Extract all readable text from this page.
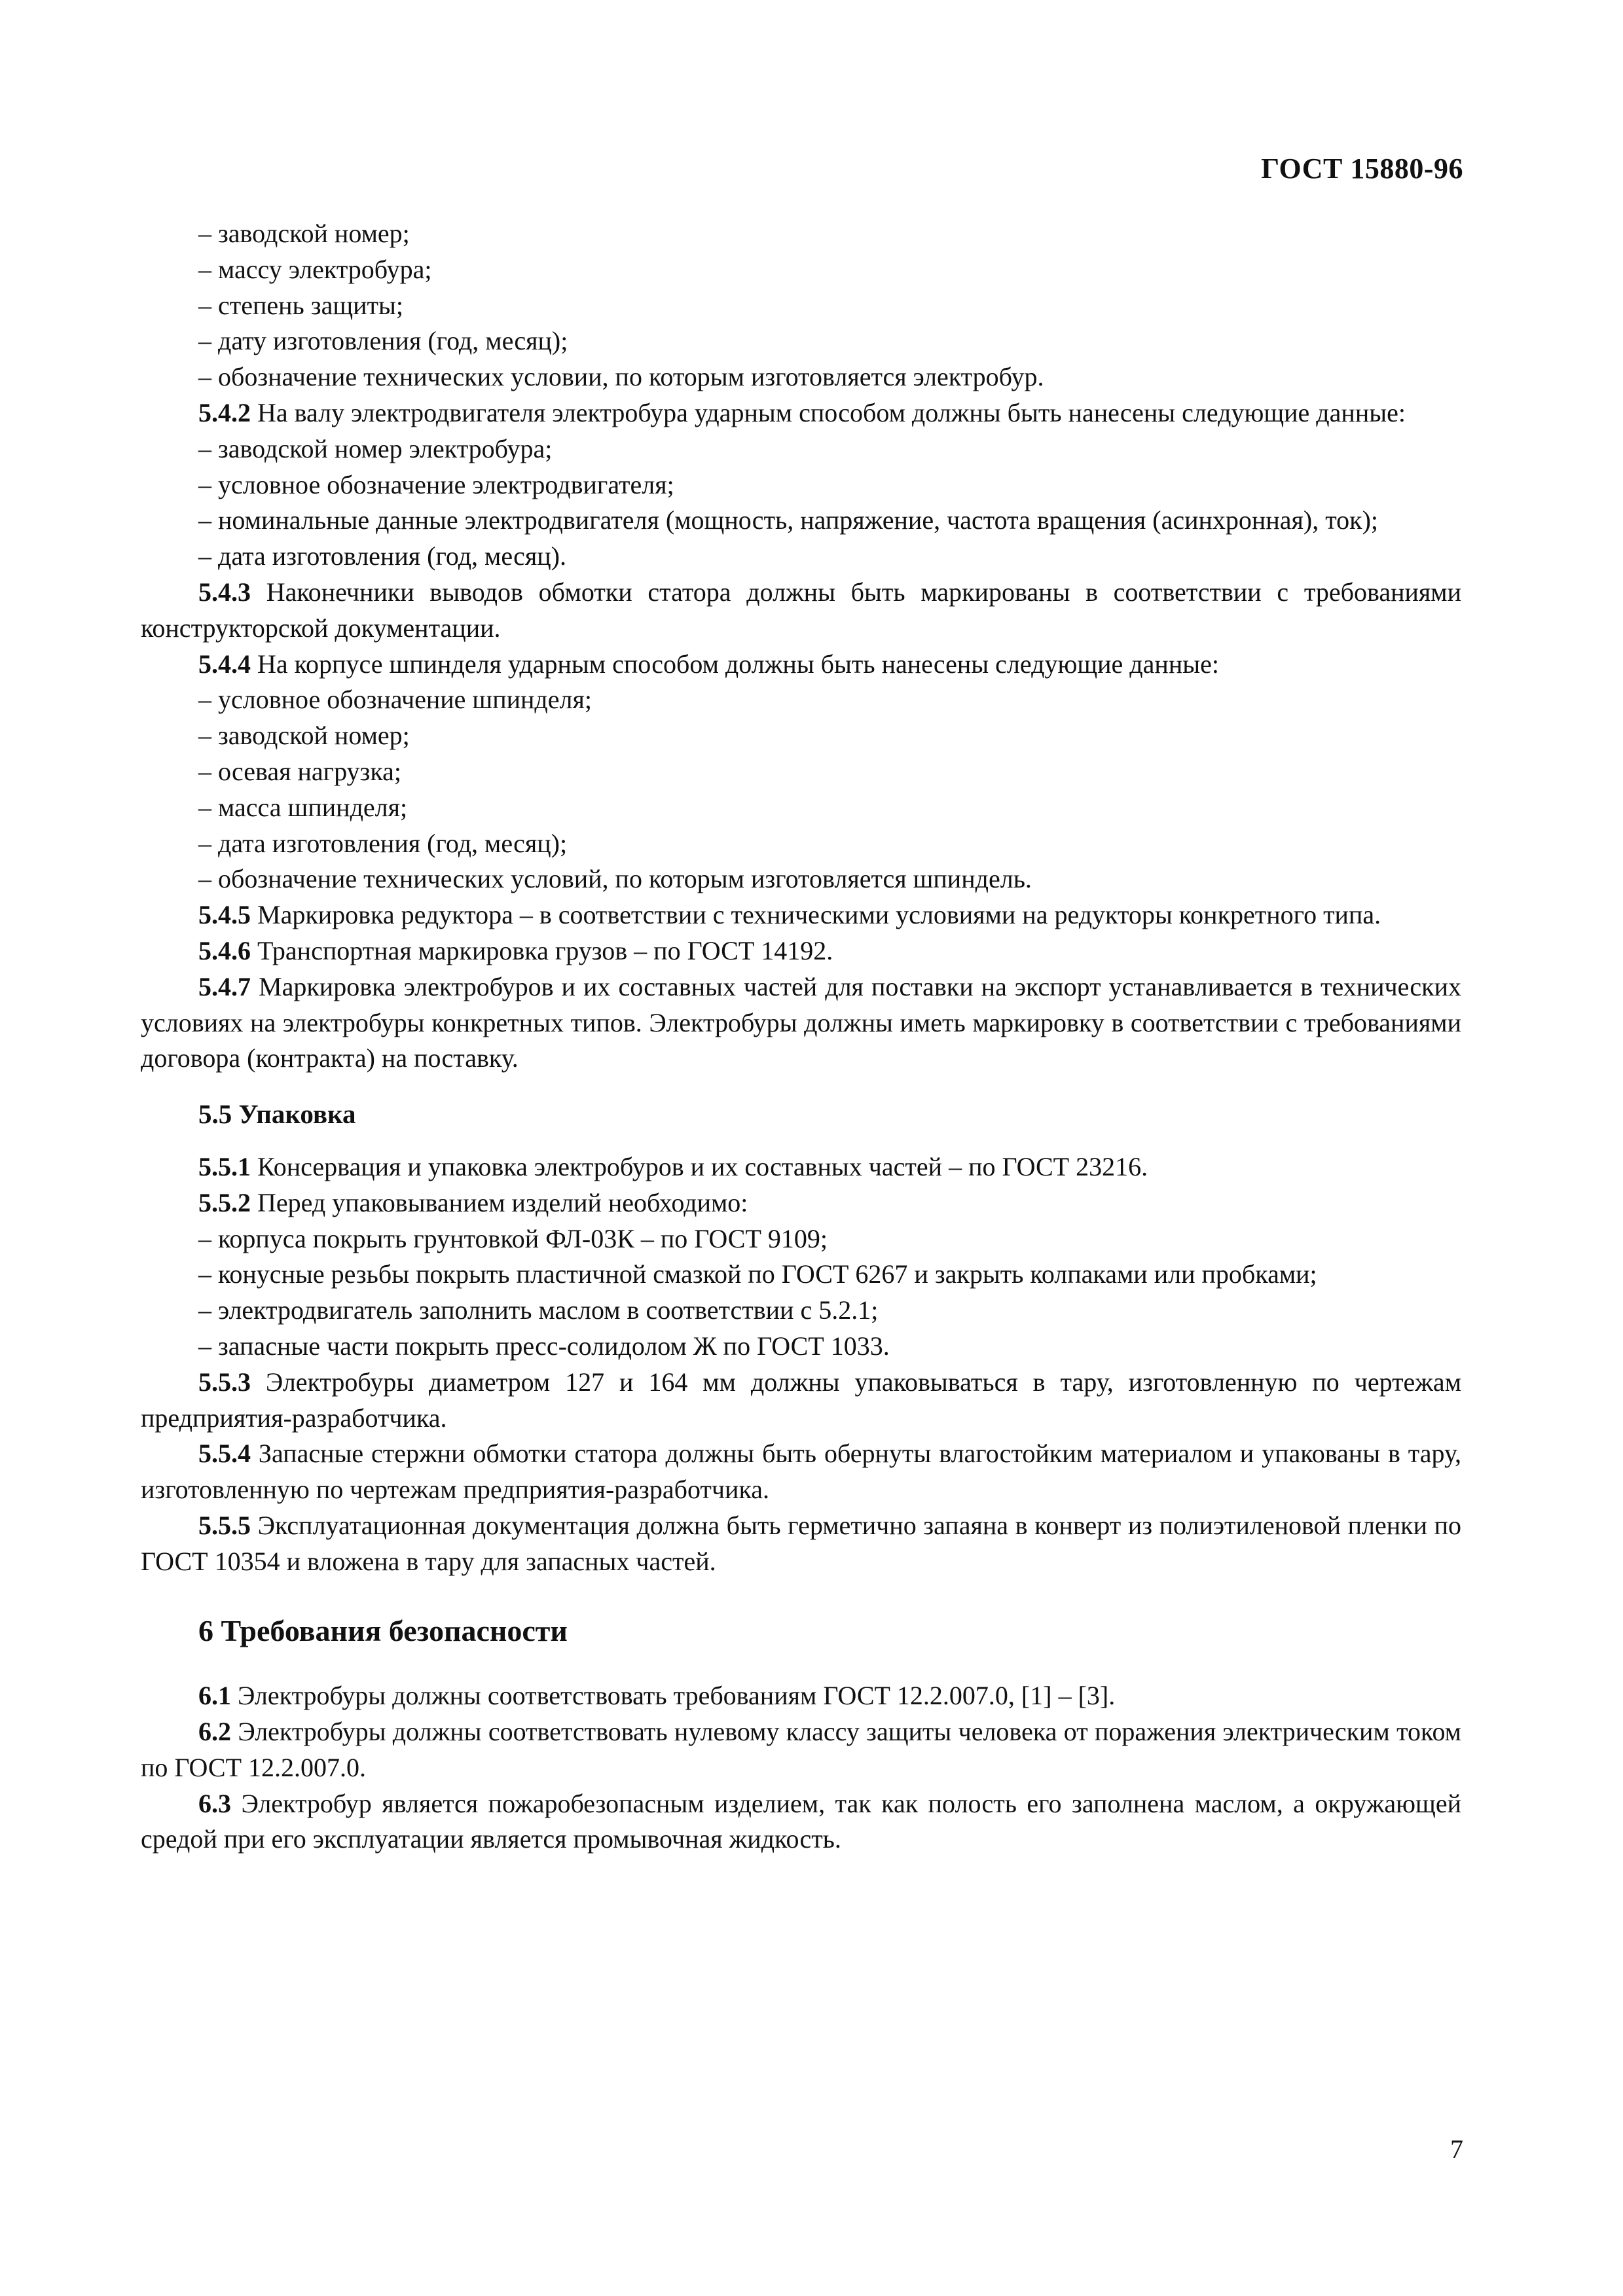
ГОСТ 15880-96

– заводской номер;

– массу электробура;

– степень защиты;

– дату изготовления (год, месяц);

– обозначение технических условии, по которым изготовляется электробур.

5.4.2 На валу электродвигателя электробура ударным способом должны быть нанесены следующие данные:

– заводской номер электробура;

– условное обозначение электродвигателя;

– номинальные данные электродвигателя (мощность, напряжение, частота вращения (асинхронная), ток);

– дата изготовления (год, месяц).

5.4.3 Наконечники выводов обмотки статора должны быть маркированы в соответствии с требованиями конструкторской документации.

5.4.4 На корпусе шпинделя ударным способом должны быть нанесены следующие данные:

– условное обозначение шпинделя;

– заводской номер;

– осевая нагрузка;

– масса шпинделя;

– дата изготовления (год, месяц);

– обозначение технических условий, по которым изготовляется шпиндель.

5.4.5 Маркировка редуктора – в соответствии с техническими условиями на редукторы конкретного типа.

5.4.6 Транспортная маркировка грузов – по ГОСТ 14192.

5.4.7 Маркировка электробуров и их составных частей для поставки на экспорт устанавливается в технических условиях на электробуры конкретных типов. Электробуры должны иметь маркировку в соответствии с требованиями договора (контракта) на поставку.

5.5 Упаковка

5.5.1 Консервация и упаковка электробуров и их составных частей – по ГОСТ 23216.

5.5.2 Перед упаковыванием изделий необходимо:

– корпуса покрыть грунтовкой ФЛ-03К – по ГОСТ 9109;

– конусные резьбы покрыть пластичной смазкой по ГОСТ 6267 и закрыть колпаками или пробками;

– электродвигатель заполнить маслом в соответствии с 5.2.1;

– запасные части покрыть пресс-солидолом Ж по ГОСТ 1033.

5.5.3 Электробуры диаметром 127 и 164 мм должны упаковываться в тару, изготовленную по чертежам предприятия-разработчика.

5.5.4 Запасные стержни обмотки статора должны быть обернуты влагостойким материалом и упакованы в тару, изготовленную по чертежам предприятия-разработчика.

5.5.5 Эксплуатационная документация должна быть герметично запаяна в конверт из полиэтиленовой пленки по ГОСТ 10354 и вложена в тару для запасных частей.

6 Требования безопасности

6.1 Электробуры должны соответствовать требованиям ГОСТ 12.2.007.0, [1] – [3].

6.2 Электробуры должны соответствовать нулевому классу защиты человека от поражения электрическим током по ГОСТ 12.2.007.0.

6.3 Электробур является пожаробезопасным изделием, так как полость его заполнена маслом, а окружающей средой при его эксплуатации является промывочная жидкость.

7
